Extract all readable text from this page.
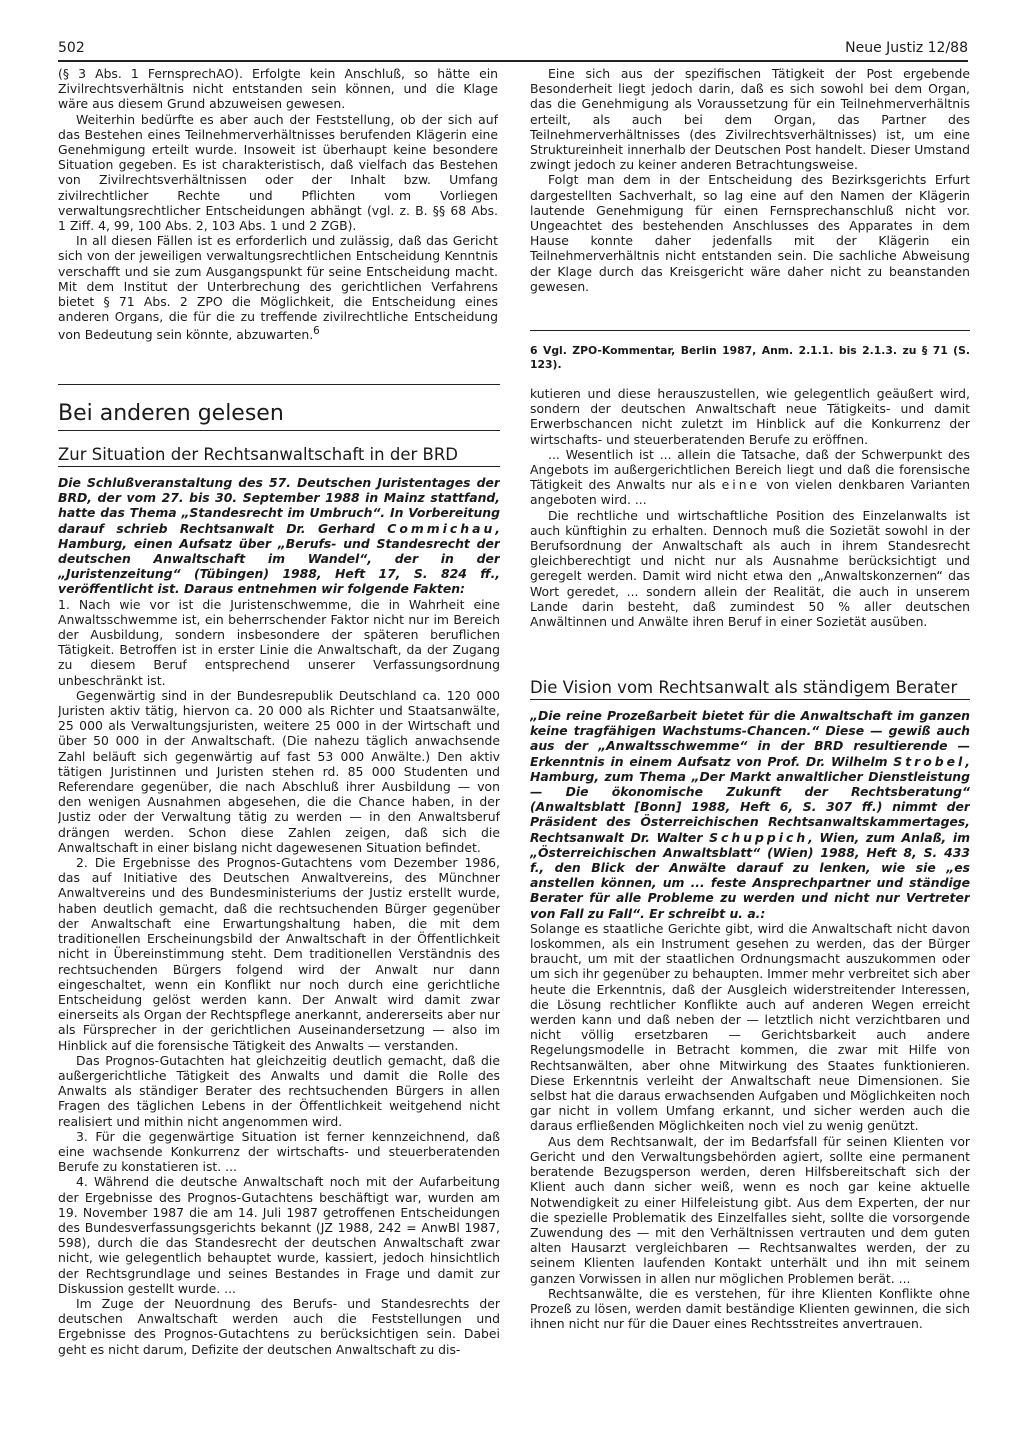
502	Neue Justiz 12/88

(§ 3 Abs. 1 FernsprechAO). Erfolgte kein Anschluß, so hätte ein Zivilrechtsverhältnis nicht entstanden sein können, und die Klage wäre aus diesem Grund abzuweisen gewesen.

Weiterhin bedürfte es aber auch der Feststellung, ob der sich auf das Bestehen eines Teilnehmerverhältnisses berufenden Klägerin eine Genehmigung erteilt wurde. Insoweit ist überhaupt keine besondere Situation gegeben. Es ist charakteristisch, daß vielfach das Bestehen von Zivilrechtsverhältnissen oder der Inhalt bzw. Umfang zivilrechtlicher Rechte und Pflichten vom Vorliegen verwaltungsrechtlicher Entscheidungen abhängt (vgl. z. B. §§ 68 Abs. 1 Ziff. 4, 99, 100 Abs. 2, 103 Abs. 1 und 2 ZGB).

In all diesen Fällen ist es erforderlich und zulässig, daß das Gericht sich von der jeweiligen verwaltungsrechtlichen Entscheidung Kenntnis verschafft und sie zum Ausgangspunkt für seine Entscheidung macht. Mit dem Institut der Unterbrechung des gerichtlichen Verfahrens bietet § 71 Abs. 2 ZPO die Möglichkeit, die Entscheidung eines anderen Organs, die für die zu treffende zivilrechtliche Entscheidung von Bedeutung sein könnte, abzuwarten.$^6$

Eine sich aus der spezifischen Tätigkeit der Post ergebende Besonderheit liegt jedoch darin, daß es sich sowohl bei dem Organ, das die Genehmigung als Voraussetzung für ein Teilnehmerverhältnis erteilt, als auch bei dem Organ, das Partner des Teilnehmerverhältnisses (des Zivilrechtsverhältnisses) ist, um eine Struktureinheit innerhalb der Deutschen Post handelt. Dieser Umstand zwingt jedoch zu keiner anderen Betrachtungsweise.

Folgt man dem in der Entscheidung des Bezirksgerichts Erfurt dargestellten Sachverhalt, so lag eine auf den Namen der Klägerin lautende Genehmigung für einen Fernsprechanschluß nicht vor. Ungeachtet des bestehenden Anschlusses des Apparates in dem Hause konnte daher jedenfalls mit der Klägerin ein Teilnehmerverhältnis nicht entstanden sein. Die sachliche Abweisung der Klage durch das Kreisgericht wäre daher nicht zu beanstanden gewesen.

6 Vgl. ZPO-Kommentar, Berlin 1987, Anm. 2.1.1. bis 2.1.3. zu § 71 (S. 123).
Bei anderen gelesen
Zur Situation der Rechtsanwaltschaft in der BRD

Die Schlußveranstaltung des 57. Deutschen Juristentages der BRD, der vom 27. bis 30. September 1988 in Mainz stattfand, hatte das Thema „Standesrecht im Umbruch“. In Vorbereitung darauf schrieb Rechtsanwalt Dr. Gerhard Commichau, Hamburg, einen Aufsatz über „Berufs- und Standesrecht der deutschen Anwaltschaft im Wandel“, der in der „Juristenzeitung“ (Tübingen) 1988, Heft 17, S. 824 ff., veröffentlicht ist. Daraus entnehmen wir folgende Fakten:

1. Nach wie vor ist die Juristenschwemme, die in Wahrheit eine Anwaltsschwemme ist, ein beherrschender Faktor nicht nur im Bereich der Ausbildung, sondern insbesondere der späteren beruflichen Tätigkeit. Betroffen ist in erster Linie die Anwaltschaft, da der Zugang zu diesem Beruf entsprechend unserer Verfassungsordnung unbeschränkt ist.

Gegenwärtig sind in der Bundesrepublik Deutschland ca. 120 000 Juristen aktiv tätig, hiervon ca. 20 000 als Richter und Staatsanwälte, 25 000 als Verwaltungsjuristen, weitere 25 000 in der Wirtschaft und über 50 000 in der Anwaltschaft. (Die nahezu täglich anwachsende Zahl beläuft sich gegenwärtig auf fast 53 000 Anwälte.) Den aktiv tätigen Juristinnen und Juristen stehen rd. 85 000 Studenten und Referendare gegenüber, die nach Abschluß ihrer Ausbildung — von den wenigen Ausnahmen abgesehen, die die Chance haben, in der Justiz oder der Verwaltung tätig zu werden — in den Anwaltsberuf drängen werden. Schon diese Zahlen zeigen, daß sich die Anwaltschaft in einer bislang nicht dagewesenen Situation befindet.

2. Die Ergebnisse des Prognos-Gutachtens vom Dezember 1986, das auf Initiative des Deutschen Anwaltvereins, des Münchner Anwaltvereins und des Bundesministeriums der Justiz erstellt wurde, haben deutlich gemacht, daß die rechtsuchenden Bürger gegenüber der Anwaltschaft eine Erwartungshaltung haben, die mit dem traditionellen Erscheinungsbild der Anwaltschaft in der Öffentlichkeit nicht in Übereinstimmung steht. Dem traditionellen Verständnis des rechtsuchenden Bürgers folgend wird der Anwalt nur dann eingeschaltet, wenn ein Konflikt nur noch durch eine gerichtliche Entscheidung gelöst werden kann. Der Anwalt wird damit zwar einerseits als Organ der Rechtspflege anerkannt, andererseits aber nur als Fürsprecher in der gerichtlichen Auseinandersetzung — also im Hinblick auf die forensische Tätigkeit des Anwalts — verstanden.

Das Prognos-Gutachten hat gleichzeitig deutlich gemacht, daß die außergerichtliche Tätigkeit des Anwalts und damit die Rolle des Anwalts als ständiger Berater des rechtsuchenden Bürgers in allen Fragen des täglichen Lebens in der Öffentlichkeit weitgehend nicht realisiert und mithin nicht angenommen wird.

3. Für die gegenwärtige Situation ist ferner kennzeichnend, daß eine wachsende Konkurrenz der wirtschafts- und steuerberatenden Berufe zu konstatieren ist. ...

4. Während die deutsche Anwaltschaft noch mit der Aufarbeitung der Ergebnisse des Prognos-Gutachtens beschäftigt war, wurden am 19. November 1987 die am 14. Juli 1987 getroffenen Entscheidungen des Bundesverfassungsgerichts bekannt (JZ 1988, 242 = AnwBl 1987, 598), durch die das Standesrecht der deutschen Anwaltschaft zwar nicht, wie gelegentlich behauptet wurde, kassiert, jedoch hinsichtlich der Rechtsgrundlage und seines Bestandes in Frage und damit zur Diskussion gestellt wurde. ...

Im Zuge der Neuordnung des Berufs- und Standesrechts der deutschen Anwaltschaft werden auch die Feststellungen und Ergebnisse des Prognos-Gutachtens zu berücksichtigen sein. Dabei geht es nicht darum, Defizite der deutschen Anwaltschaft zu dis-

kutieren und diese herauszustellen, wie gelegentlich geäußert wird, sondern der deutschen Anwaltschaft neue Tätigkeits- und damit Erwerbschancen nicht zuletzt im Hinblick auf die Konkurrenz der wirtschafts- und steuerberatenden Berufe zu eröffnen.

... Wesentlich ist ... allein die Tatsache, daß der Schwerpunkt des Angebots im außergerichtlichen Bereich liegt und daß die forensische Tätigkeit des Anwalts nur als eine von vielen denkbaren Varianten angeboten wird. ...

Die rechtliche und wirtschaftliche Position des Einzelanwalts ist auch künftighin zu erhalten. Dennoch muß die Sozietät sowohl in der Berufsordnung der Anwaltschaft als auch in ihrem Standesrecht gleichberechtigt und nicht nur als Ausnahme berücksichtigt und geregelt werden. Damit wird nicht etwa den „Anwaltskonzernen“ das Wort geredet, ... sondern allein der Realität, die auch in unserem Lande darin besteht, daß zumindest 50 % aller deutschen Anwältinnen und Anwälte ihren Beruf in einer Sozietät ausüben.

Die Vision vom Rechtsanwalt als ständigem Berater

„Die reine Prozeßarbeit bietet für die Anwaltschaft im ganzen keine tragfähigen Wachstums-Chancen.“ Diese — gewiß auch aus der „Anwaltsschwemme“ in der BRD resultierende — Erkenntnis in einem Aufsatz von Prof. Dr. Wilhelm Strobel, Hamburg, zum Thema „Der Markt anwaltlicher Dienstleistung — Die ökonomische Zukunft der Rechtsberatung“ (Anwaltsblatt [Bonn] 1988, Heft 6, S. 307 ff.) nimmt der Präsident des Österreichischen Rechtsanwaltskammertages, Rechtsanwalt Dr. Walter Schuppich, Wien, zum Anlaß, im „Österreichischen Anwaltsblatt“ (Wien) 1988, Heft 8, S. 433 f., den Blick der Anwälte darauf zu lenken, wie sie „es anstellen können, um ... feste Ansprechpartner und ständige Berater für alle Probleme zu werden und nicht nur Vertreter von Fall zu Fall“. Er schreibt u. a.:

Solange es staatliche Gerichte gibt, wird die Anwaltschaft nicht davon loskommen, als ein Instrument gesehen zu werden, das der Bürger braucht, um mit der staatlichen Ordnungsmacht auszukommen oder um sich ihr gegenüber zu behaupten. Immer mehr verbreitet sich aber heute die Erkenntnis, daß der Ausgleich widerstreitender Interessen, die Lösung rechtlicher Konflikte auch auf anderen Wegen erreicht werden kann und daß neben der — letztlich nicht verzichtbaren und nicht völlig ersetzbaren — Gerichtsbarkeit auch andere Regelungsmodelle in Betracht kommen, die zwar mit Hilfe von Rechtsanwälten, aber ohne Mitwirkung des Staates funktionieren. Diese Erkenntnis verleiht der Anwaltschaft neue Dimensionen. Sie selbst hat die daraus erwachsenden Aufgaben und Möglichkeiten noch gar nicht in vollem Umfang erkannt, und sicher werden auch die daraus erfließenden Möglichkeiten noch viel zu wenig genützt.

Aus dem Rechtsanwalt, der im Bedarfsfall für seinen Klienten vor Gericht und den Verwaltungsbehörden agiert, sollte eine permanent beratende Bezugsperson werden, deren Hilfsbereitschaft sich der Klient auch dann sicher weiß, wenn es noch gar keine aktuelle Notwendigkeit zu einer Hilfeleistung gibt. Aus dem Experten, der nur die spezielle Problematik des Einzelfalles sieht, sollte die vorsorgende Zuwendung des — mit den Verhältnissen vertrauten und dem guten alten Hausarzt vergleichbaren — Rechtsanwaltes werden, der zu seinem Klienten laufenden Kontakt unterhält und ihn mit seinem ganzen Vorwissen in allen nur möglichen Problemen berät. ...

Rechtsanwälte, die es verstehen, für ihre Klienten Konflikte ohne Prozeß zu lösen, werden damit beständige Klienten gewinnen, die sich ihnen nicht nur für die Dauer eines Rechtsstreites anvertrauen.
